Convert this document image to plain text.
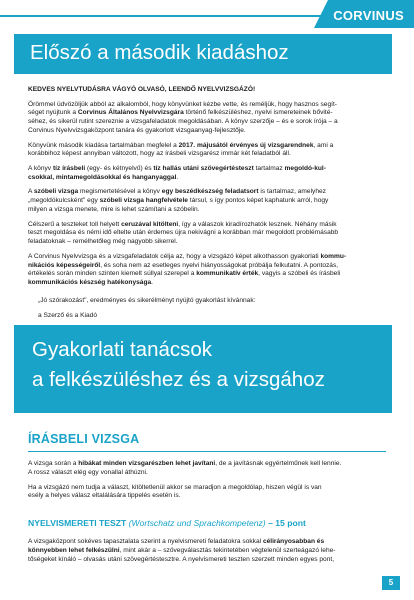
CORVINUS
Előszó a második kiadáshoz
KEDVES NYELVTUDÁSRA VÁGYÓ OLVASÓ, LEENDŐ NYELVVIZSGÁZÓ!
Örömmel üdvözöljük abból az alkalomból, hogy könyvünket kézbe vette, és reméljük, hogy hasznos segít-
séget nyújtunk a Corvinus Általános Nyelvvizsgára történő felkészüléshez, nyelvi ismereteinek bővité-
séhez, és sikerül rutint szereznie a vizsgafeladatok megoldásában. A könyv szerzője – és e sorok írója – a
Corvinus Nyelvvizsgaközpont tanára és gyakorlott vizsgaanyag-fejlesztője.
Könyvünk második kiadása tartalmában megfelel a 2017. májusától érvényes új vizsgarendnek, ami a
korábbihoz képest annyiban változott, hogy az írásbeli vizsgarész immár két feladatból áll.
A könyv tíz írásbeli (egy- és kétnyelvű) és tíz hallás utáni szövegértésteszt tartalmaz megoldó-kul-
csokkal, mintamegoldásokkal és hanganyaggal.
A szóbeli vizsga megismertetésével a könyv egy beszédkészség feladatsort is tartalmaz, amelyhez
„megoldókulcsként" egy szóbeli vizsga hangfelvétele társul, s így pontos képet kaphatunk arról, hogy
milyen a vizsga menete, mire is lehet számítani a szóbelin.
Célszerű a teszteket toll helyett ceruzával kitölteni, így a válaszok kiradírozhatók lesznek. Néhány másik
teszt megoldása és némi idő eltelte után érdemes újra nekivágni a korábban már megoldott problémásabb
feladatoknak – remélhetőleg még nagyobb sikerrel.
A Corvinus Nyelvvizsga és a vizsgafeladatok célja az, hogy a vizsgázó képet alkothasson gyakorlati kommu-
nikációs képességeiről, és soha nem az esetleges nyelvi hiányosságokat próbálja felkutatni. A pontozás,
értékelés során minden szinten kiemelt súllyal szerepel a kommunikatív érték, vagyis a szóbeli és írásbeli
kommunikációs készség hatékonysága.
„Jó szórakozást", eredményes és sikerélményt nyújtó gyakorlást kívánnak:
a Szerző és a Kiadó
Gyakorlati tanácsok
a felkészüléshez és a vizsgához
ÍRÁSBELI VIZSGA
A vizsga során a hibákat minden vizsgarészben lehet javítani, de a javításnak egyértelműnek kell lennie.
A rossz választ elég egy vonallal áthúzni.
Ha a vizsgázó nem tudja a választ, kitöltetlenül akkor se maradjon a megoldólap, hiszen végül is van
esély a helyes válasz eltalálására tippelés esetén is.
NYELVISMERETI TESZT (Wortschatz und Sprachkompetenz) – 15 pont
A vizsgaközpont sokéves tapasztalata szerint a nyelvismereti feladatokra sokkal célirányosabban és
könnyebben lehet felkészülni, mint akár a – szövegválasztás tekintetében végtelenül szerteágazó lehe-
tőségeket kínáló – olvasás utáni szövegértéstesztre. A nyelvismereti teszten szerzett minden egyes pont,
5
